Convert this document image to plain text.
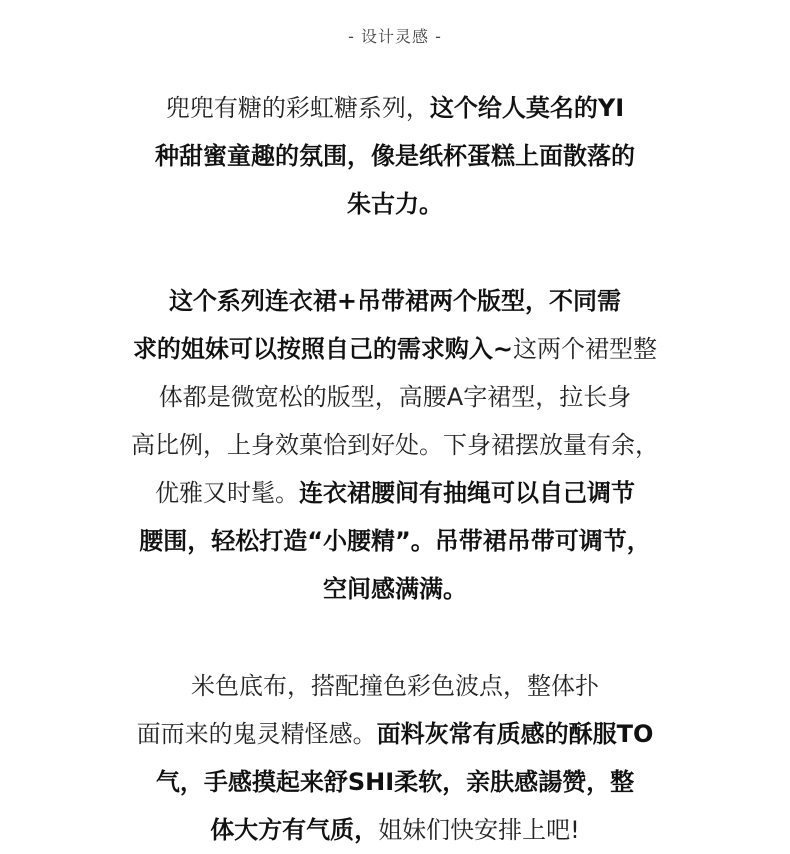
- 设计灵感 -
兜兜有糖的彩虹糖系列，这个给人莫名的YI
种甜蜜童趣的氛围，像是纸杯蛋糕上面散落的
朱古力。
这个系列连衣裙+吊带裙两个版型，不同需
求的姐妹可以按照自己的需求购入~这两个裙型整
体都是微宽松的版型，高腰A字裙型，拉长身
高比例，上身效菓恰到好处。下身裙摆放量有余，
优雅又时髦。连衣裙腰间有抽绳可以自己调节
腰围，轻松打造“小腰精”。吊带裙吊带可调节，
空间感满满。
米色底布，搭配撞色彩色波点，整体扑
面而来的鬼灵精怪感。面料灰常有质感的酥服TO
气，手感摸起来舒SHI柔软，亲肤感諹赞，整
体大方有气质，姐妹们快安排上吧!
